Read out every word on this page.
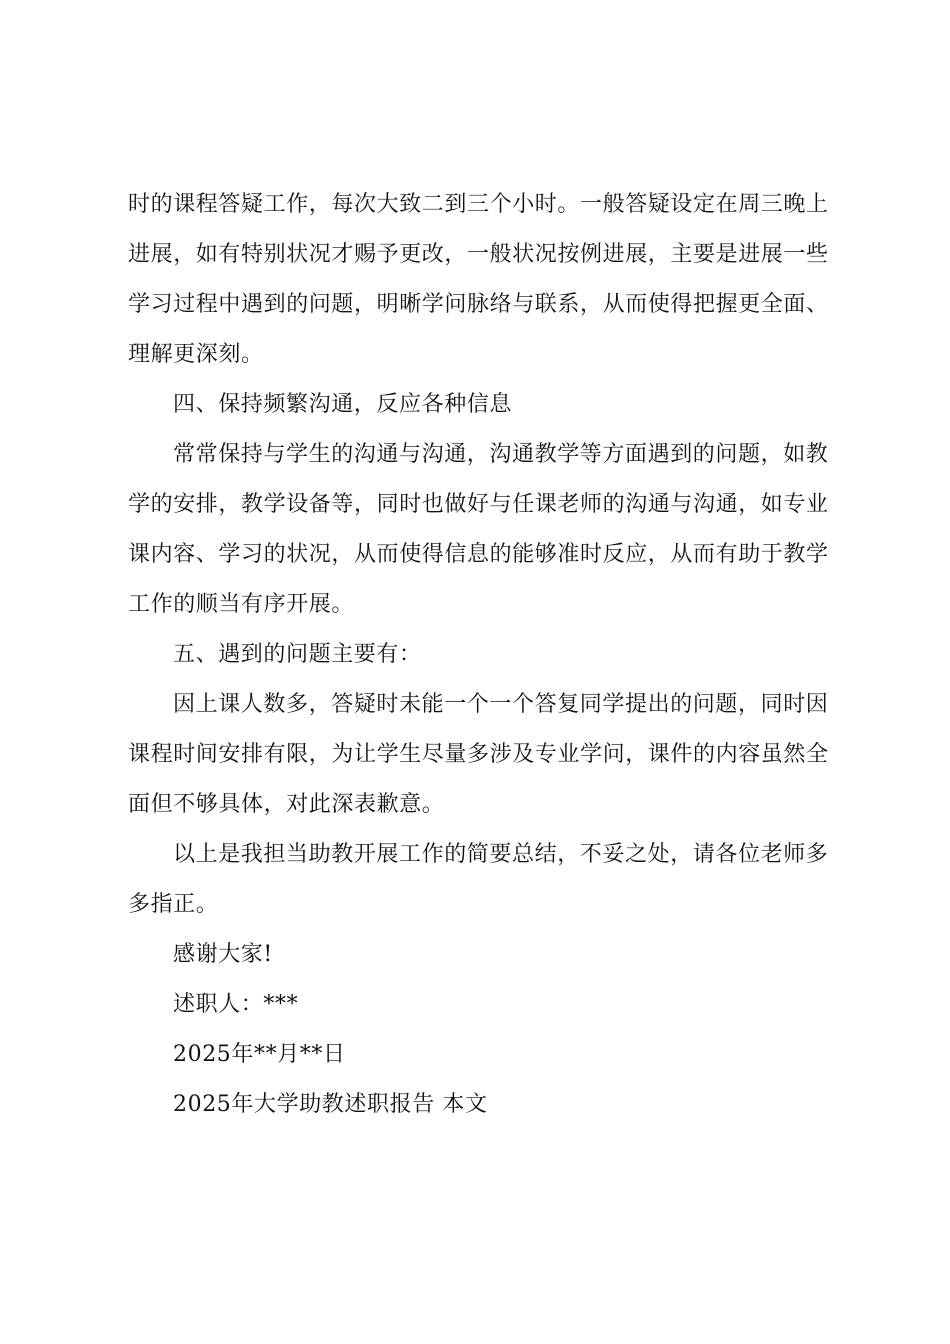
时的课程答疑工作，每次大致二到三个小时。一般答疑设定在周三晚上
进展，如有特别状况才赐予更改，一般状况按例进展，主要是进展一些
学习过程中遇到的问题，明晰学问脉络与联系，从而使得把握更全面、
理解更深刻。
四、保持频繁沟通，反应各种信息
常常保持与学生的沟通与沟通，沟通教学等方面遇到的问题，如教
学的安排，教学设备等，同时也做好与任课老师的沟通与沟通，如专业
课内容、学习的状况，从而使得信息的能够准时反应，从而有助于教学
工作的顺当有序开展。
五、遇到的问题主要有：
因上课人数多，答疑时未能一个一个答复同学提出的问题，同时因
课程时间安排有限，为让学生尽量多涉及专业学问，课件的内容虽然全
面但不够具体，对此深表歉意。
以上是我担当助教开展工作的简要总结，不妥之处，请各位老师多
多指正。
感谢大家!
述职人：***
2025年**月**日
2025年大学助教述职报告 本文
